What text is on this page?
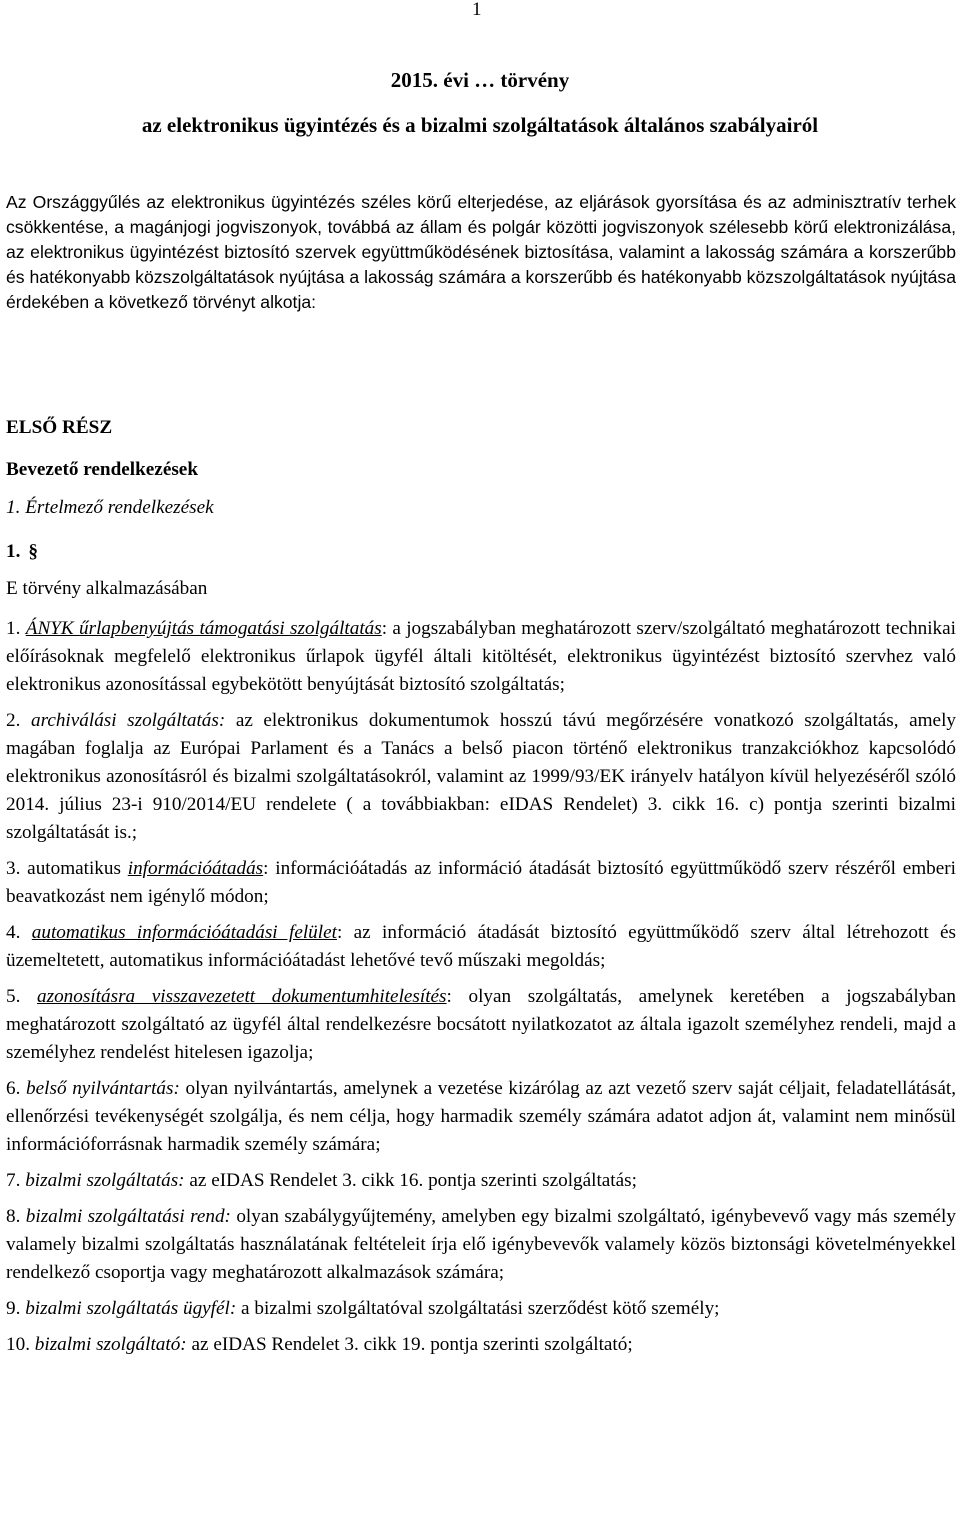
1
2015. évi … törvény
az elektronikus ügyintézés és a bizalmi szolgáltatások általános szabályairól

Az Országgyűlés az elektronikus ügyintézés széles körű elterjedése, az eljárások gyorsítása és az adminisztratív terhek csökkentése, a magánjogi jogviszonyok, továbbá az állam és polgár közötti jogviszonyok szélesebb körű elektronizálása, az elektronikus ügyintézést biztosító szervek együttműködésének biztosítása, valamint a lakosság számára a korszerűbb és hatékonyabb közszolgáltatások nyújtása a lakosság számára a korszerűbb és hatékonyabb közszolgáltatások nyújtása érdekében a következő törvényt alkotja:

ELSŐ RÉSZ
Bevezető rendelkezések
1. Értelmező rendelkezések
1. §
E törvény alkalmazásában

1. ÁNYK űrlapbenyújtás támogatási szolgáltatás: a jogszabályban meghatározott szerv/szolgáltató meghatározott technikai előírásoknak megfelelő elektronikus űrlapok ügyfél általi kitöltését, elektronikus ügyintézést biztosító szervhez való elektronikus azonosítással egybekötött benyújtását biztosító szolgáltatás;

2. archiválási szolgáltatás: az elektronikus dokumentumok hosszú távú megőrzésére vonatkozó szolgáltatás, amely magában foglalja az Európai Parlament és a Tanács a belső piacon történő elektronikus tranzakciókhoz kapcsolódó elektronikus azonosításról és bizalmi szolgáltatásokról, valamint az 1999/93/EK irányelv hatályon kívül helyezéséről szóló 2014. július 23-i 910/2014/EU rendelete ( a továbbiakban: eIDAS Rendelet) 3. cikk 16. c) pontja szerinti bizalmi szolgáltatását is.;

3. automatikus információátadás: információátadás az információ átadását biztosító együttműködő szerv részéről emberi beavatkozást nem igénylő módon;

4. automatikus információátadási felület: az információ átadását biztosító együttműködő szerv által létrehozott és üzemeltetett, automatikus információátadást lehetővé tevő műszaki megoldás;

5. azonosításra visszavezetett dokumentumhitelesítés: olyan szolgáltatás, amelynek keretében a jogszabályban meghatározott szolgáltató az ügyfél által rendelkezésre bocsátott nyilatkozatot az általa igazolt személyhez rendeli, majd a személyhez rendelést hitelesen igazolja;

6. belső nyilvántartás: olyan nyilvántartás, amelynek a vezetése kizárólag az azt vezető szerv saját céljait, feladatellátását, ellenőrzési tevékenységét szolgálja, és nem célja, hogy harmadik személy számára adatot adjon át, valamint nem minősül információforrásnak harmadik személy számára;

7. bizalmi szolgáltatás: az eIDAS Rendelet 3. cikk 16. pontja szerinti szolgáltatás;

8. bizalmi szolgáltatási rend: olyan szabálygyűjtemény, amelyben egy bizalmi szolgáltató, igénybevevő vagy más személy valamely bizalmi szolgáltatás használatának feltételeit írja elő igénybevevők valamely közös biztonsági követelményekkel rendelkező csoportja vagy meghatározott alkalmazások számára;

9. bizalmi szolgáltatás ügyfél: a bizalmi szolgáltatóval szolgáltatási szerződést kötő személy;

10. bizalmi szolgáltató: az eIDAS Rendelet 3. cikk 19. pontja szerinti szolgáltató;
